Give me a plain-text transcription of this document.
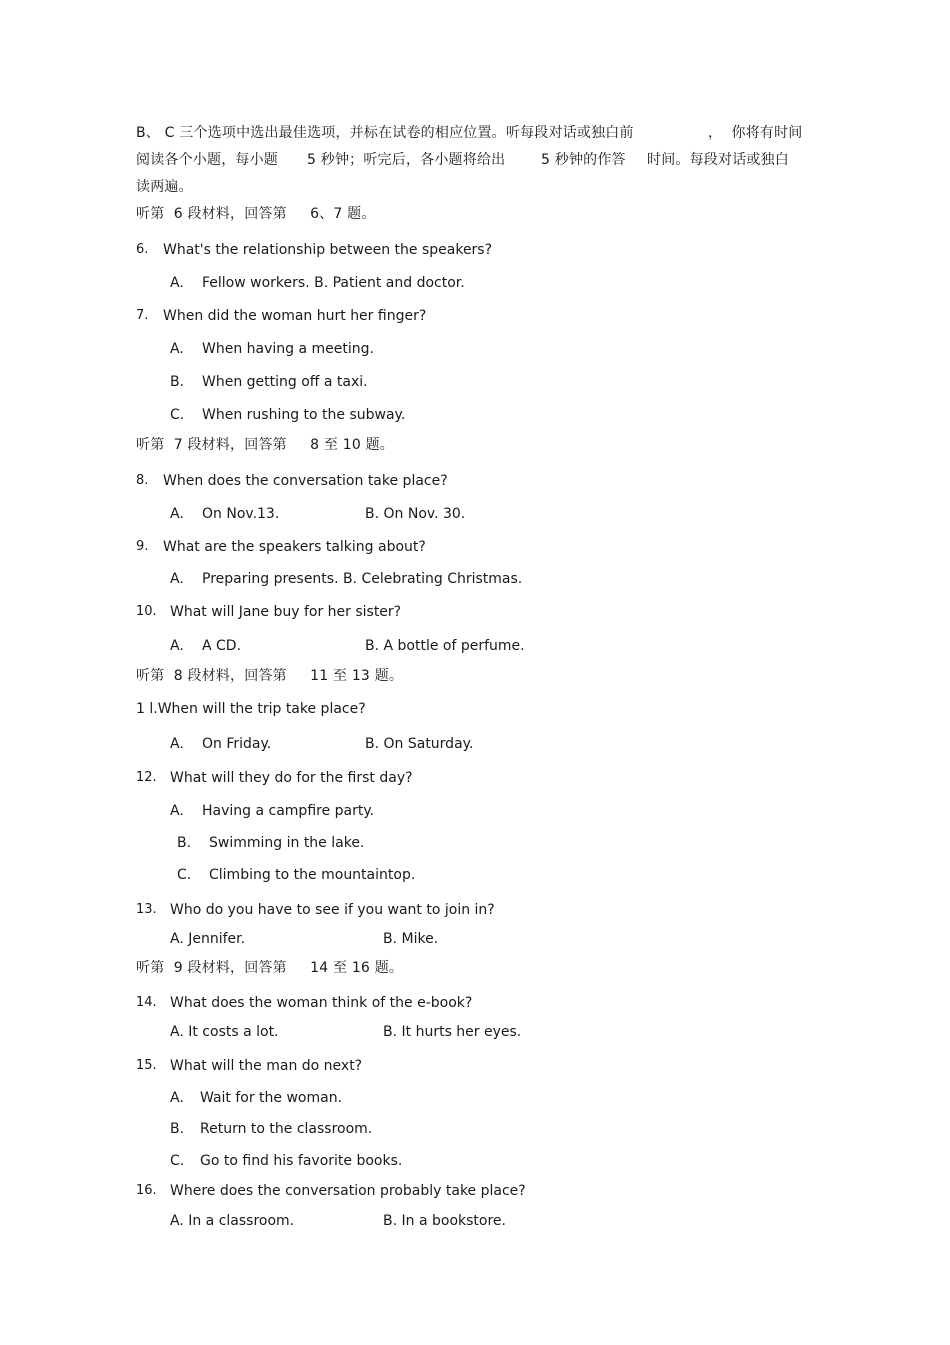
B、 C 三个选项中选出最佳选项，并标在试卷的相应位置。听每段对话或独白前	，  你将有时间
阅读各个小题，每小题 5 秒钟；听完后，各小题将给出	5 秒钟的作答 时间。每段对话或独白
读两遍。
听第  6 段材料，回答第     6、7 题。
6. What's the relationship between the speakers?
A. Fellow workers. B. Patient and doctor.
7. When did the woman hurt her finger?
A. When having a meeting.
B. When getting off a taxi.
C. When rushing to the subway.
听第  7 段材料，回答第     8 至 10 题。
8. When does the conversation take place?
A. On Nov.13.	B. On Nov. 30.
9. What are the speakers talking about?
A. Preparing presents. B. Celebrating Christmas.
10. What will Jane buy for her sister?
A. A CD.	B. A bottle of perfume.
听第  8 段材料，回答第     11 至 13 题。
1 l.When will the trip take place?
A. On Friday.	B. On Saturday.
12. What will they do for the first day?
A. Having a campfire party.
B. Swimming in the lake.
C. Climbing to the mountaintop.
13. Who do you have to see if you want to join in?
A. Jennifer.	B. Mike.
听第  9 段材料，回答第     14 至 16 题。
14. What does the woman think of the e-book?
A. It costs a lot.	B. It hurts her eyes.
15. What will the man do next?
A. Wait for the woman.
B. Return to the classroom.
C. Go to find his favorite books.
16. Where does the conversation probably take place?
A. In a classroom.	B. In a bookstore.
